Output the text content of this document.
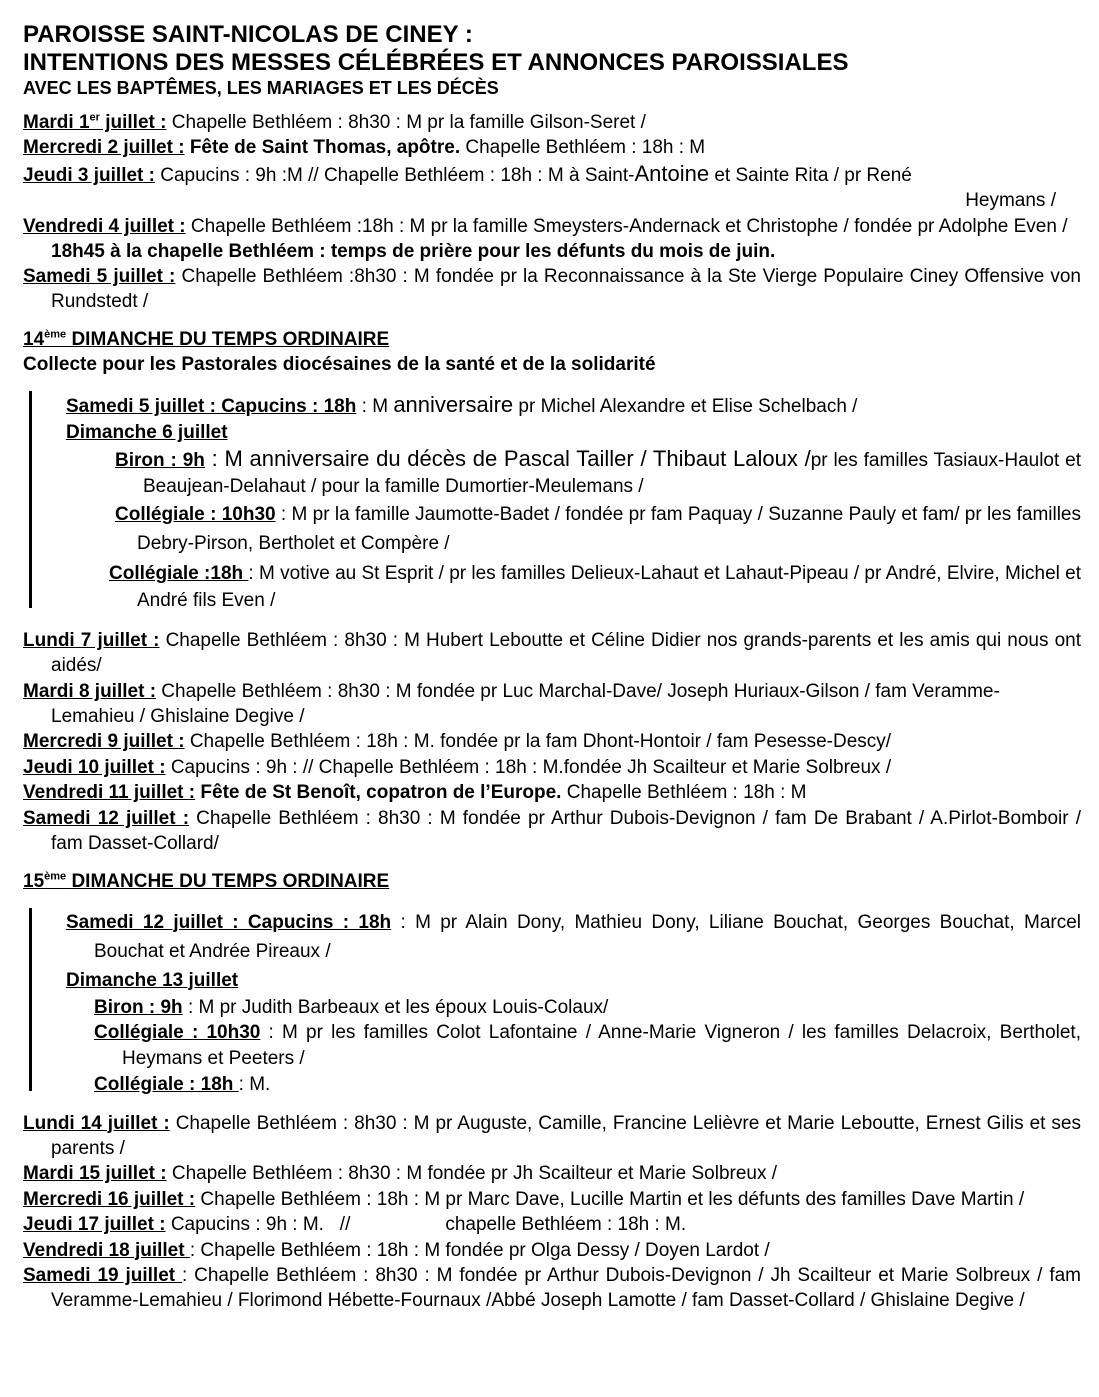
PAROISSE SAINT-NICOLAS DE CINEY :

INTENTIONS DES MESSES CÉLÉBRÉES ET ANNONCES PAROISSIALES

AVEC LES BAPTÊMES, LES MARIAGES ET LES DÉCÈS

Mardi 1er juillet : Chapelle Bethléem : 8h30 : M pr la famille Gilson-Seret /
Mercredi 2 juillet : Fête de Saint Thomas, apôtre. Chapelle Bethléem : 18h : M
Jeudi 3 juillet : Capucins : 9h :M // Chapelle Bethléem : 18h : M à Saint-Antoine et Sainte Rita / pr René
Heymans /
Vendredi 4 juillet : Chapelle Bethléem :18h : M pr la famille Smeysters-Andernack et Christophe / fondée pr Adolphe Even /
18h45 à la chapelle Bethléem : temps de prière pour les défunts du mois de juin.
Samedi 5 juillet : Chapelle Bethléem :8h30 : M fondée pr la Reconnaissance à la Ste Vierge Populaire Ciney Offensive von Rundstedt /
14ème DIMANCHE DU TEMPS ORDINAIRE
Collecte pour les Pastorales diocésaines de la santé et de la solidarité
Samedi 5 juillet : Capucins : 18h : M anniversaire pr Michel Alexandre et Elise Schelbach /
Dimanche 6 juillet
Biron : 9h : M anniversaire du décès de Pascal Tailler / Thibaut Laloux /pr les familles Tasiaux-Haulot et Beaujean-Delahaut / pour la famille Dumortier-Meulemans /
Collégiale : 10h30 : M pr la famille Jaumotte-Badet / fondée pr fam Paquay / Suzanne Pauly et fam/ pr les familles Debry-Pirson, Bertholet et Compère /
Collégiale :18h : M votive au St Esprit / pr les familles Delieux-Lahaut et Lahaut-Pipeau / pr André, Elvire, Michel et André fils Even /
Lundi 7 juillet : Chapelle Bethléem : 8h30 : M Hubert Leboutte et Céline Didier nos grands-parents et les amis qui nous ont aidés/
Mardi 8 juillet : Chapelle Bethléem : 8h30 : M fondée pr Luc Marchal-Dave/ Joseph Huriaux-Gilson / fam Veramme-Lemahieu / Ghislaine Degive /
Mercredi 9 juillet : Chapelle Bethléem : 18h : M. fondée pr la fam Dhont-Hontoir / fam Pesesse-Descy/
Jeudi 10 juillet : Capucins : 9h : // Chapelle Bethléem : 18h : M.fondée Jh Scailteur et Marie Solbreux /
Vendredi 11 juillet : Fête de St Benoît, copatron de l’Europe. Chapelle Bethléem : 18h : M
Samedi 12 juillet : Chapelle Bethléem : 8h30 : M fondée pr Arthur Dubois-Devignon / fam De Brabant / A.Pirlot-Bomboir / fam Dasset-Collard/
15ème DIMANCHE DU TEMPS ORDINAIRE
Samedi 12 juillet : Capucins : 18h : M pr Alain Dony, Mathieu Dony, Liliane Bouchat, Georges Bouchat, Marcel Bouchat et Andrée Pireaux /
Dimanche 13 juillet
Biron : 9h : M pr Judith Barbeaux et les époux Louis-Colaux/
Collégiale : 10h30 : M pr les familles Colot Lafontaine / Anne-Marie Vigneron / les familles Delacroix, Bertholet, Heymans et Peeters /
Collégiale : 18h : M.
Lundi 14 juillet : Chapelle Bethléem : 8h30 : M pr Auguste, Camille, Francine Lelièvre et Marie Leboutte, Ernest Gilis et ses parents /
Mardi 15 juillet : Chapelle Bethléem : 8h30 : M fondée pr Jh Scailteur et Marie Solbreux /
Mercredi 16 juillet : Chapelle Bethléem : 18h : M pr Marc Dave, Lucille Martin et les défunts des familles Dave Martin /
Jeudi 17 juillet : Capucins : 9h : M.   //                  chapelle Bethléem : 18h : M.
Vendredi 18 juillet : Chapelle Bethléem : 18h : M fondée pr Olga Dessy / Doyen Lardot /
Samedi 19 juillet : Chapelle Bethléem : 8h30 : M fondée pr Arthur Dubois-Devignon / Jh Scailteur et Marie Solbreux / fam Veramme-Lemahieu / Florimond Hébette-Fournaux /Abbé Joseph Lamotte / fam Dasset-Collard / Ghislaine Degive /
